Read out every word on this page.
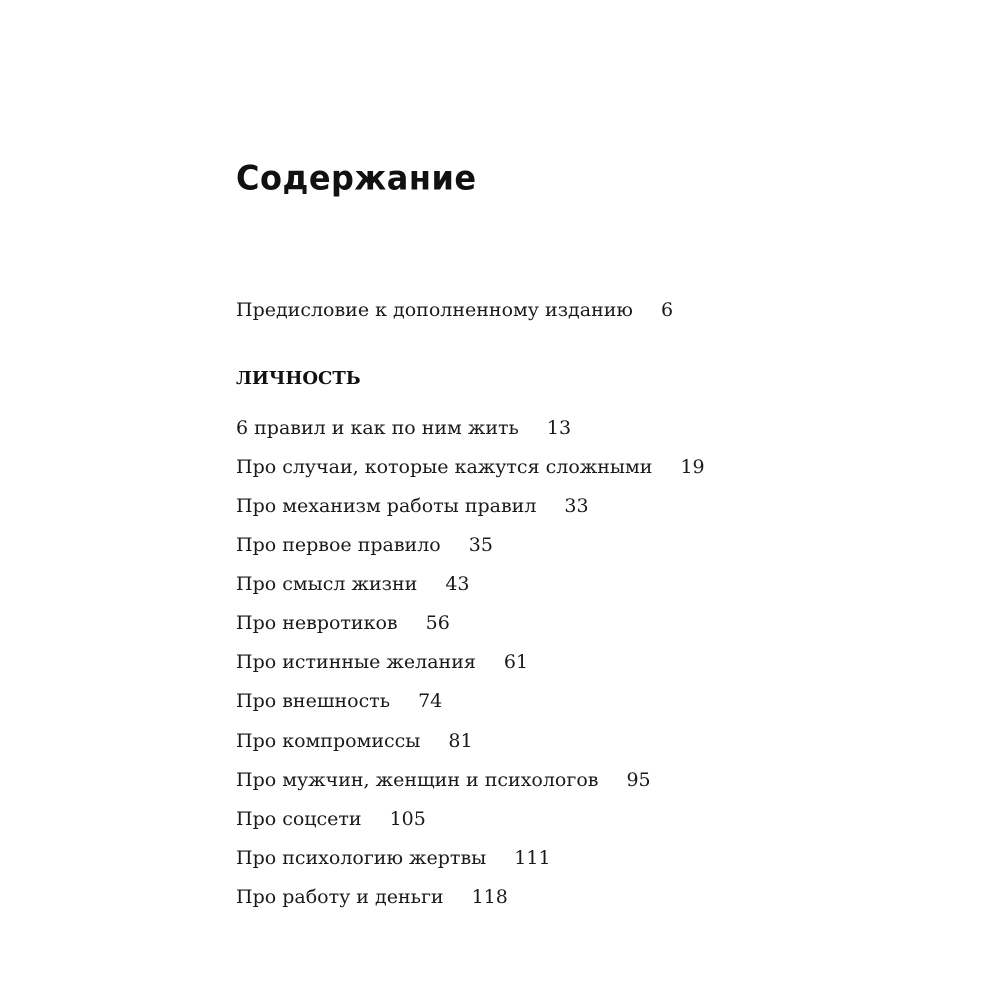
Содержание
Предисловие к дополненному изданию 6
ЛИЧНОСТЬ
6 правил и как по ним жить 13
Про случаи, которые кажутся сложными 19
Про механизм работы правил 33
Про первое правило 35
Про смысл жизни 43
Про невротиков 56
Про истинные желания 61
Про внешность 74
Про компромиссы 81
Про мужчин, женщин и психологов 95
Про соцсети 105
Про психологию жертвы 111
Про работу и деньги 118
